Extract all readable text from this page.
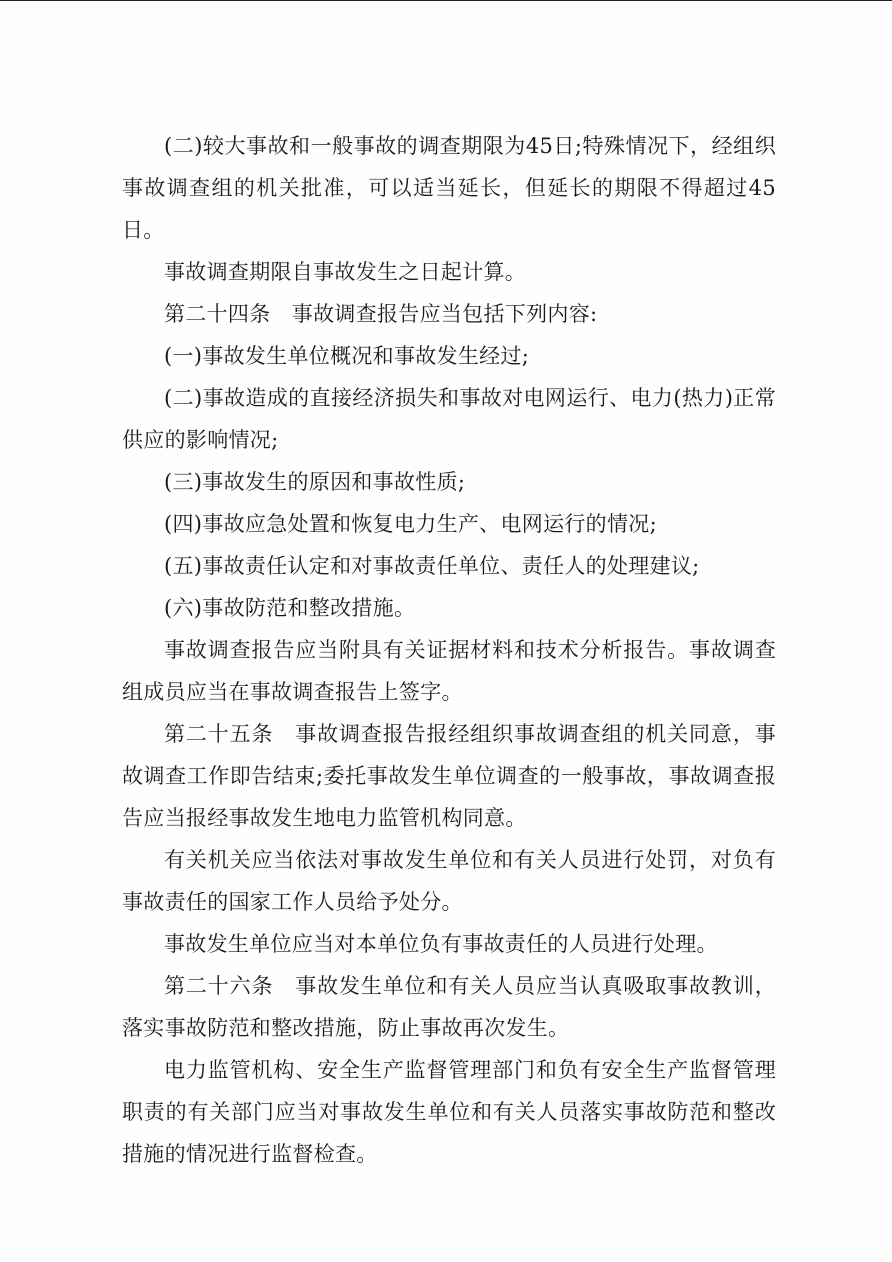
(二)较大事故和一般事故的调查期限为45日;特殊情况下，经组织事故调查组的机关批准，可以适当延长，但延长的期限不得超过45日。

事故调查期限自事故发生之日起计算。

第二十四条　事故调查报告应当包括下列内容:

(一)事故发生单位概况和事故发生经过;

(二)事故造成的直接经济损失和事故对电网运行、电力(热力)正常供应的影响情况;

(三)事故发生的原因和事故性质;

(四)事故应急处置和恢复电力生产、电网运行的情况;

(五)事故责任认定和对事故责任单位、责任人的处理建议;

(六)事故防范和整改措施。

事故调查报告应当附具有关证据材料和技术分析报告。事故调查组成员应当在事故调查报告上签字。

第二十五条　事故调查报告报经组织事故调查组的机关同意，事故调查工作即告结束;委托事故发生单位调查的一般事故，事故调查报告应当报经事故发生地电力监管机构同意。

有关机关应当依法对事故发生单位和有关人员进行处罚，对负有事故责任的国家工作人员给予处分。

事故发生单位应当对本单位负有事故责任的人员进行处理。

第二十六条　事故发生单位和有关人员应当认真吸取事故教训，落实事故防范和整改措施，防止事故再次发生。

电力监管机构、安全生产监督管理部门和负有安全生产监督管理职责的有关部门应当对事故发生单位和有关人员落实事故防范和整改措施的情况进行监督检查。
